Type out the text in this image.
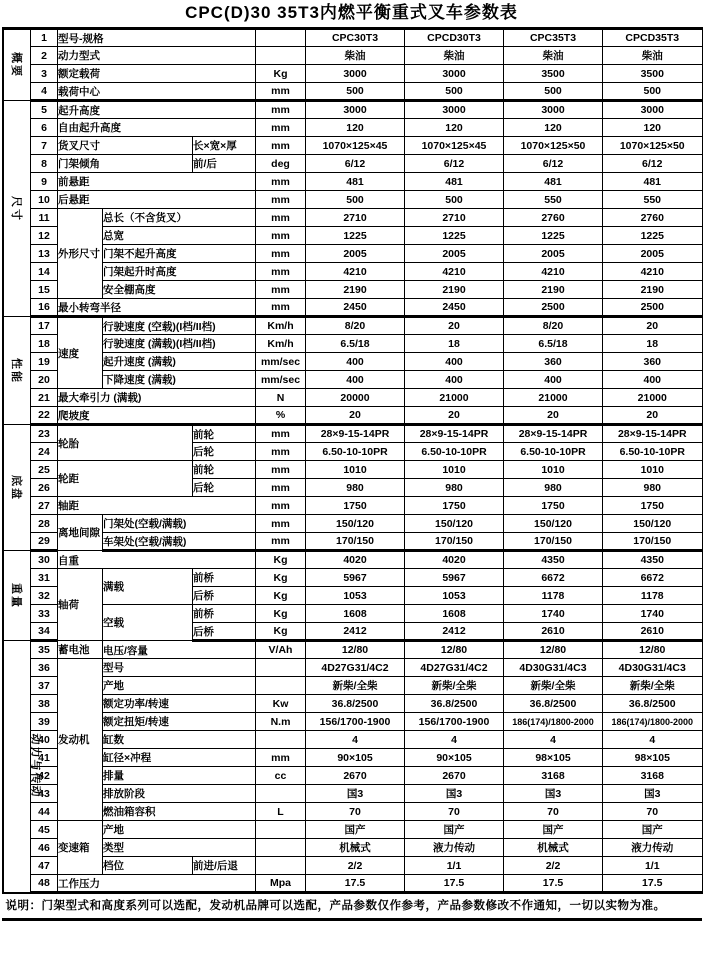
CPC(D)30 35T3内燃平衡重式叉车参数表
概要	1	型号-规格				CPC30T3	CPCD30T3	CPC35T3	CPCD35T3
	2	动力型式				柴油	柴油	柴油	柴油
	3	额定载荷			Kg	3000	3000	3500	3500
	4	载荷中心			mm	500	500	500	500
尺寸	5	起升高度			mm	3000	3000	3000	3000
	6	自由起升高度			mm	120	120	120	120
	7	货叉尺寸		长×宽×厚	mm	1070×125×45	1070×125×45	1070×125×50	1070×125×50
	8	门架倾角		前/后	deg	6/12	6/12	6/12	6/12
	9	前悬距			mm	481	481	481	481
	10	后悬距			mm	500	500	550	550
	11	外形尺寸	总长（不含货叉）		mm	2710	2710	2760	2760
	12		总宽		mm	1225	1225	1225	1225
	13		门架不起升高度		mm	2005	2005	2005	2005
	14		门架起升时高度		mm	4210	4210	4210	4210
	15		安全棚高度		mm	2190	2190	2190	2190
	16	最小转弯半径			mm	2450	2450	2500	2500
性能	17	速度	行驶速度 (空载)(I档/II档)		Km/h	8/20	20	8/20	20
	18		行驶速度 (满载)(I档/II档)		Km/h	6.5/18	18	6.5/18	18
	19		起升速度 (满载)		mm/sec	400	400	360	360
	20		下降速度 (满载)		mm/sec	400	400	400	400
	21	最大牵引力 (满载)			N	20000	21000	21000	21000
	22	爬坡度			%	20	20	20	20
底盘	23	轮胎		前轮	mm	28×9-15-14PR	28×9-15-14PR	28×9-15-14PR	28×9-15-14PR
	24			后轮	mm	6.50-10-10PR	6.50-10-10PR	6.50-10-10PR	6.50-10-10PR
	25	轮距		前轮	mm	1010	1010	1010	1010
	26			后轮	mm	980	980	980	980
	27	轴距			mm	1750	1750	1750	1750
	28	离地间隙	门架处(空载/满载)		mm	150/120	150/120	150/120	150/120
	29		车架处(空载/满载)		mm	170/150	170/150	170/150	170/150
重量	30	自重			Kg	4020	4020	4350	4350
	31	轴荷	满载	前桥	Kg	5967	5967	6672	6672
	32			后桥	Kg	1053	1053	1178	1178
	33		空载	前桥	Kg	1608	1608	1740	1740
	34			后桥	Kg	2412	2412	2610	2610
动力与传动	35	蓄电池	电压/容量		V/Ah	12/80	12/80	12/80	12/80
	36	发动机	型号			4D27G31/4C2	4D27G31/4C2	4D30G31/4C3	4D30G31/4C3
	37		产地			新柴/全柴	新柴/全柴	新柴/全柴	新柴/全柴
	38		额定功率/转速		Kw	36.8/2500	36.8/2500	36.8/2500	36.8/2500
	39		额定扭矩/转速		N.m	156/1700-1900	156/1700-1900	186(174)/1800-2000	186(174)/1800-2000
	40		缸数			4	4	4	4
	41		缸径×冲程		mm	90×105	90×105	98×105	98×105
	42		排量		cc	2670	2670	3168	3168
	43		排放阶段			国3	国3	国3	国3
	44		燃油箱容积		L	70	70	70	70
	45	变速箱	产地			国产	国产	国产	国产
	46		类型			机械式	液力传动	机械式	液力传动
	47		档位	前进/后退		2/2	1/1	2/2	1/1
	48	工作压力			Mpa	17.5	17.5	17.5	17.5
说明：门架型式和高度系列可以选配，发动机品牌可以选配，产品参数仅作参考，产品参数修改不作通知，一切以实物为准。
